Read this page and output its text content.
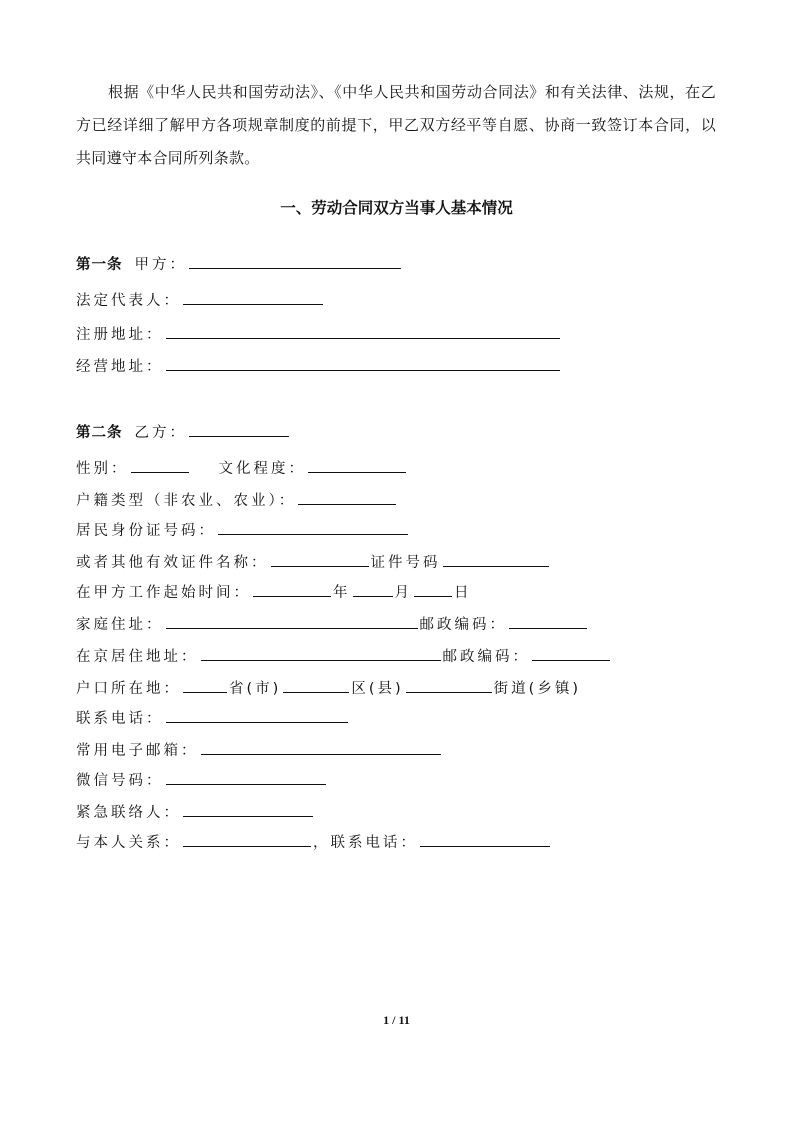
根据《中华人民共和国劳动法》、《中华人民共和国劳动合同法》和有关法律、法规，在乙方已经详细了解甲方各项规章制度的前提下，甲乙双方经平等自愿、协商一致签订本合同，以共同遵守本合同所列条款。
一、劳动合同双方当事人基本情况
第一条 甲方：
法定代表人：
注册地址：
经营地址：
第二条 乙方：
性别：	文化程度：
户籍类型（非农业、农业）：
居民身份证号码：
或者其他有效证件名称：	证件号码
在甲方工作起始时间：	年	月	日
家庭住址：	邮政编码：
在京居住地址：	邮政编码：
户口所在地：	省(市)	区(县)	街道(乡镇)
联系电话：
常用电子邮箱：
微信号码：
紧急联络人：
与本人关系：	，联系电话：
1 / 11
